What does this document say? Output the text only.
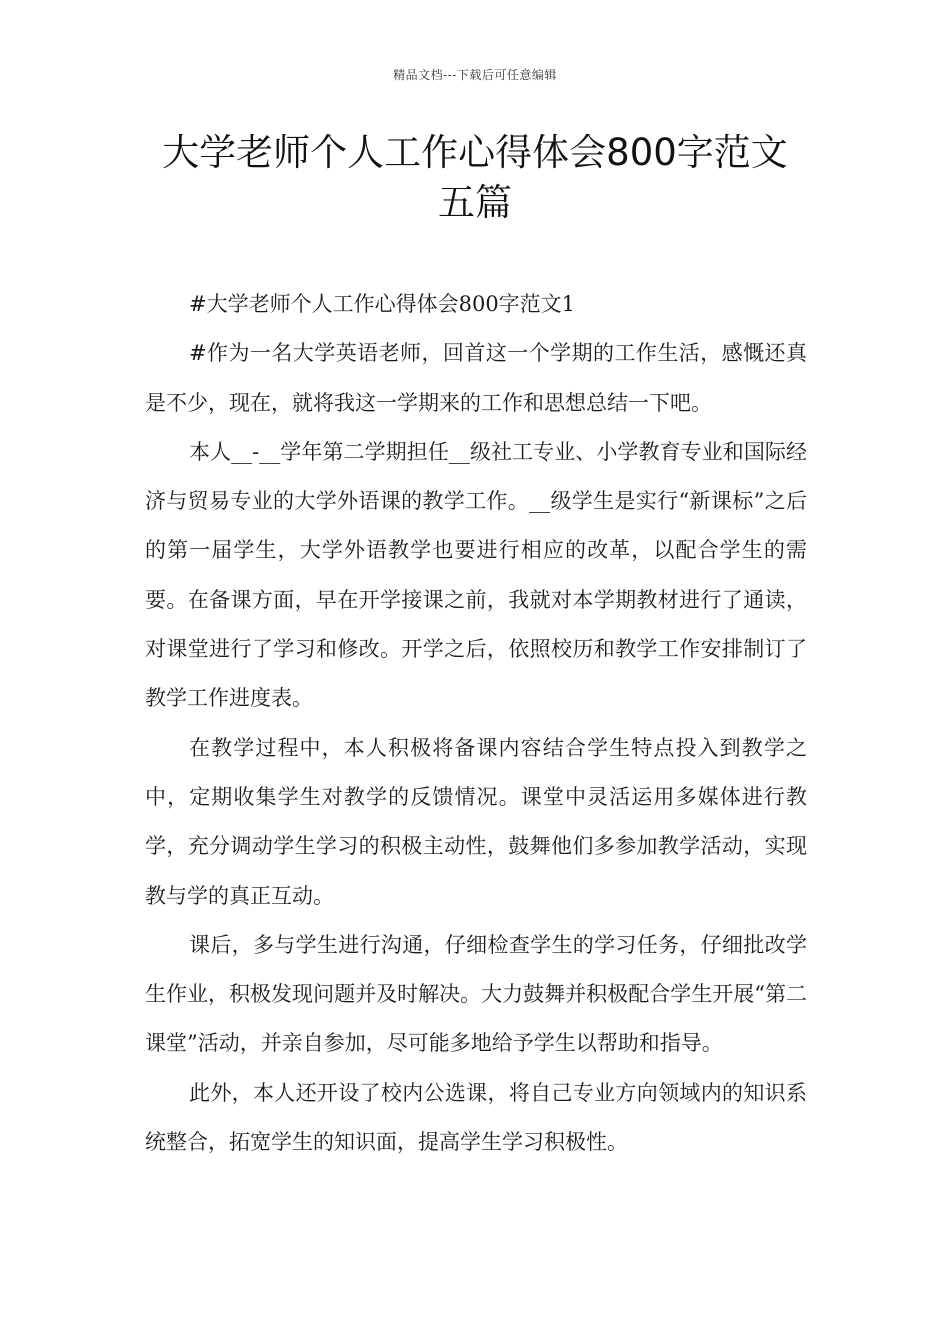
精品文档---下载后可任意编辑
大学老师个人工作心得体会800字范文
五篇

#大学老师个人工作心得体会800字范文1

#作为一名大学英语老师，回首这一个学期的工作生活，感慨还真是不少，现在，就将我这一学期来的工作和思想总结一下吧。

本人__-__学年第二学期担任__级社工专业、小学教育专业和国际经济与贸易专业的大学外语课的教学工作。__级学生是实行“新课标”之后的第一届学生，大学外语教学也要进行相应的改革，以配合学生的需要。在备课方面，早在开学接课之前，我就对本学期教材进行了通读，对课堂进行了学习和修改。开学之后，依照校历和教学工作安排制订了教学工作进度表。

在教学过程中，本人积极将备课内容结合学生特点投入到教学之中，定期收集学生对教学的反馈情况。课堂中灵活运用多媒体进行教学，充分调动学生学习的积极主动性，鼓舞他们多参加教学活动，实现教与学的真正互动。

课后，多与学生进行沟通，仔细检查学生的学习任务，仔细批改学生作业，积极发现问题并及时解决。大力鼓舞并积极配合学生开展“第二课堂”活动，并亲自参加，尽可能多地给予学生以帮助和指导。

此外，本人还开设了校内公选课，将自己专业方向领域内的知识系统整合，拓宽学生的知识面，提高学生学习积极性。
